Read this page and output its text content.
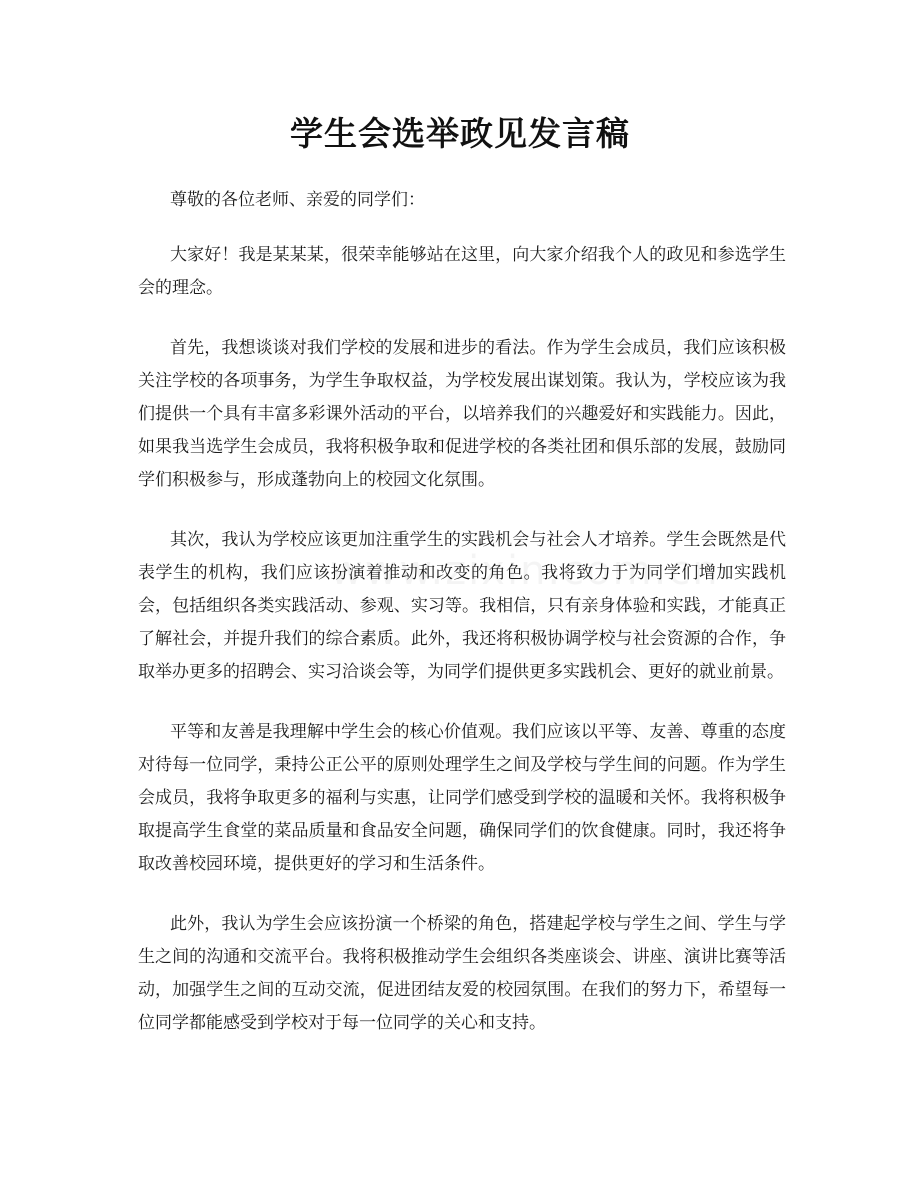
学生会选举政见发言稿

尊敬的各位老师、亲爱的同学们：

大家好！我是某某某，很荣幸能够站在这里，向大家介绍我个人的政见和参选学生会的理念。

首先，我想谈谈对我们学校的发展和进步的看法。作为学生会成员，我们应该积极关注学校的各项事务，为学生争取权益，为学校发展出谋划策。我认为，学校应该为我们提供一个具有丰富多彩课外活动的平台，以培养我们的兴趣爱好和实践能力。因此，如果我当选学生会成员，我将积极争取和促进学校的各类社团和俱乐部的发展，鼓励同学们积极参与，形成蓬勃向上的校园文化氛围。

其次，我认为学校应该更加注重学生的实践机会与社会人才培养。学生会既然是代表学生的机构，我们应该扮演着推动和改变的角色。我将致力于为同学们增加实践机会，包括组织各类实践活动、参观、实习等。我相信，只有亲身体验和实践，才能真正了解社会，并提升我们的综合素质。此外，我还将积极协调学校与社会资源的合作，争取举办更多的招聘会、实习洽谈会等，为同学们提供更多实践机会、更好的就业前景。

平等和友善是我理解中学生会的核心价值观。我们应该以平等、友善、尊重的态度对待每一位同学，秉持公正公平的原则处理学生之间及学校与学生间的问题。作为学生会成员，我将争取更多的福利与实惠，让同学们感受到学校的温暖和关怀。我将积极争取提高学生食堂的菜品质量和食品安全问题，确保同学们的饮食健康。同时，我还将争取改善校园环境，提供更好的学习和生活条件。

此外，我认为学生会应该扮演一个桥梁的角色，搭建起学校与学生之间、学生与学生之间的沟通和交流平台。我将积极推动学生会组织各类座谈会、讲座、演讲比赛等活动，加强学生之间的互动交流，促进团结友爱的校园氛围。在我们的努力下，希望每一位同学都能感受到学校对于每一位同学的关心和支持。
